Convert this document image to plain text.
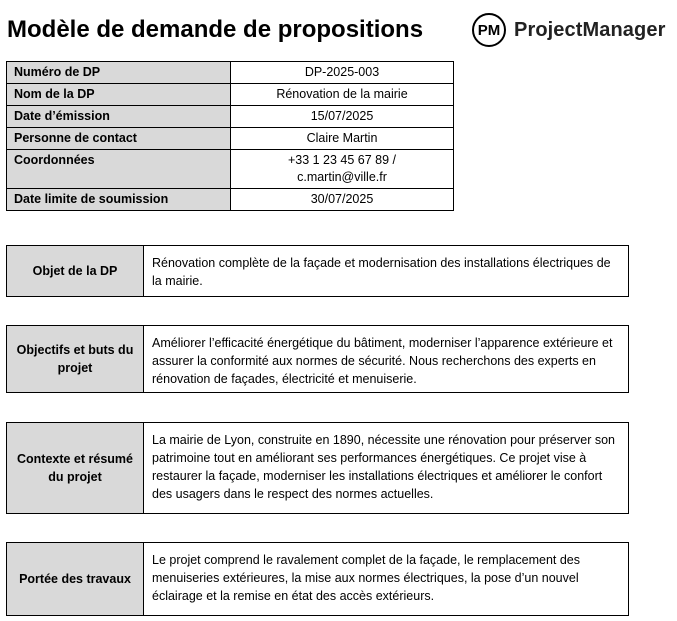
Modèle de demande de propositions	PM ProjectManager
Numéro de DP	DP-2025-003
Nom de la DP	Rénovation de la mairie
Date d’émission	15/07/2025
Personne de contact	Claire Martin
Coordonnées	+33 1 23 45 67 89 /
c.martin@ville.fr

Date limite de soumission	30/07/2025
Objet de la DP
Rénovation complète de la façade et modernisation des installations électriques de la mairie.
Objectifs et buts du projet
Améliorer l’efficacité énergétique du bâtiment, moderniser l’apparence extérieure et assurer la conformité aux normes de sécurité. Nous recherchons des experts en rénovation de façades, électricité et menuiserie.
Contexte et résumé du projet
La mairie de Lyon, construite en 1890, nécessite une rénovation pour préserver son patrimoine tout en améliorant ses performances énergétiques. Ce projet vise à restaurer la façade, moderniser les installations électriques et améliorer le confort des usagers dans le respect des normes actuelles.
Portée des travaux
Le projet comprend le ravalement complet de la façade, le remplacement des menuiseries extérieures, la mise aux normes électriques, la pose d’un nouvel éclairage et la remise en état des accès extérieurs.
